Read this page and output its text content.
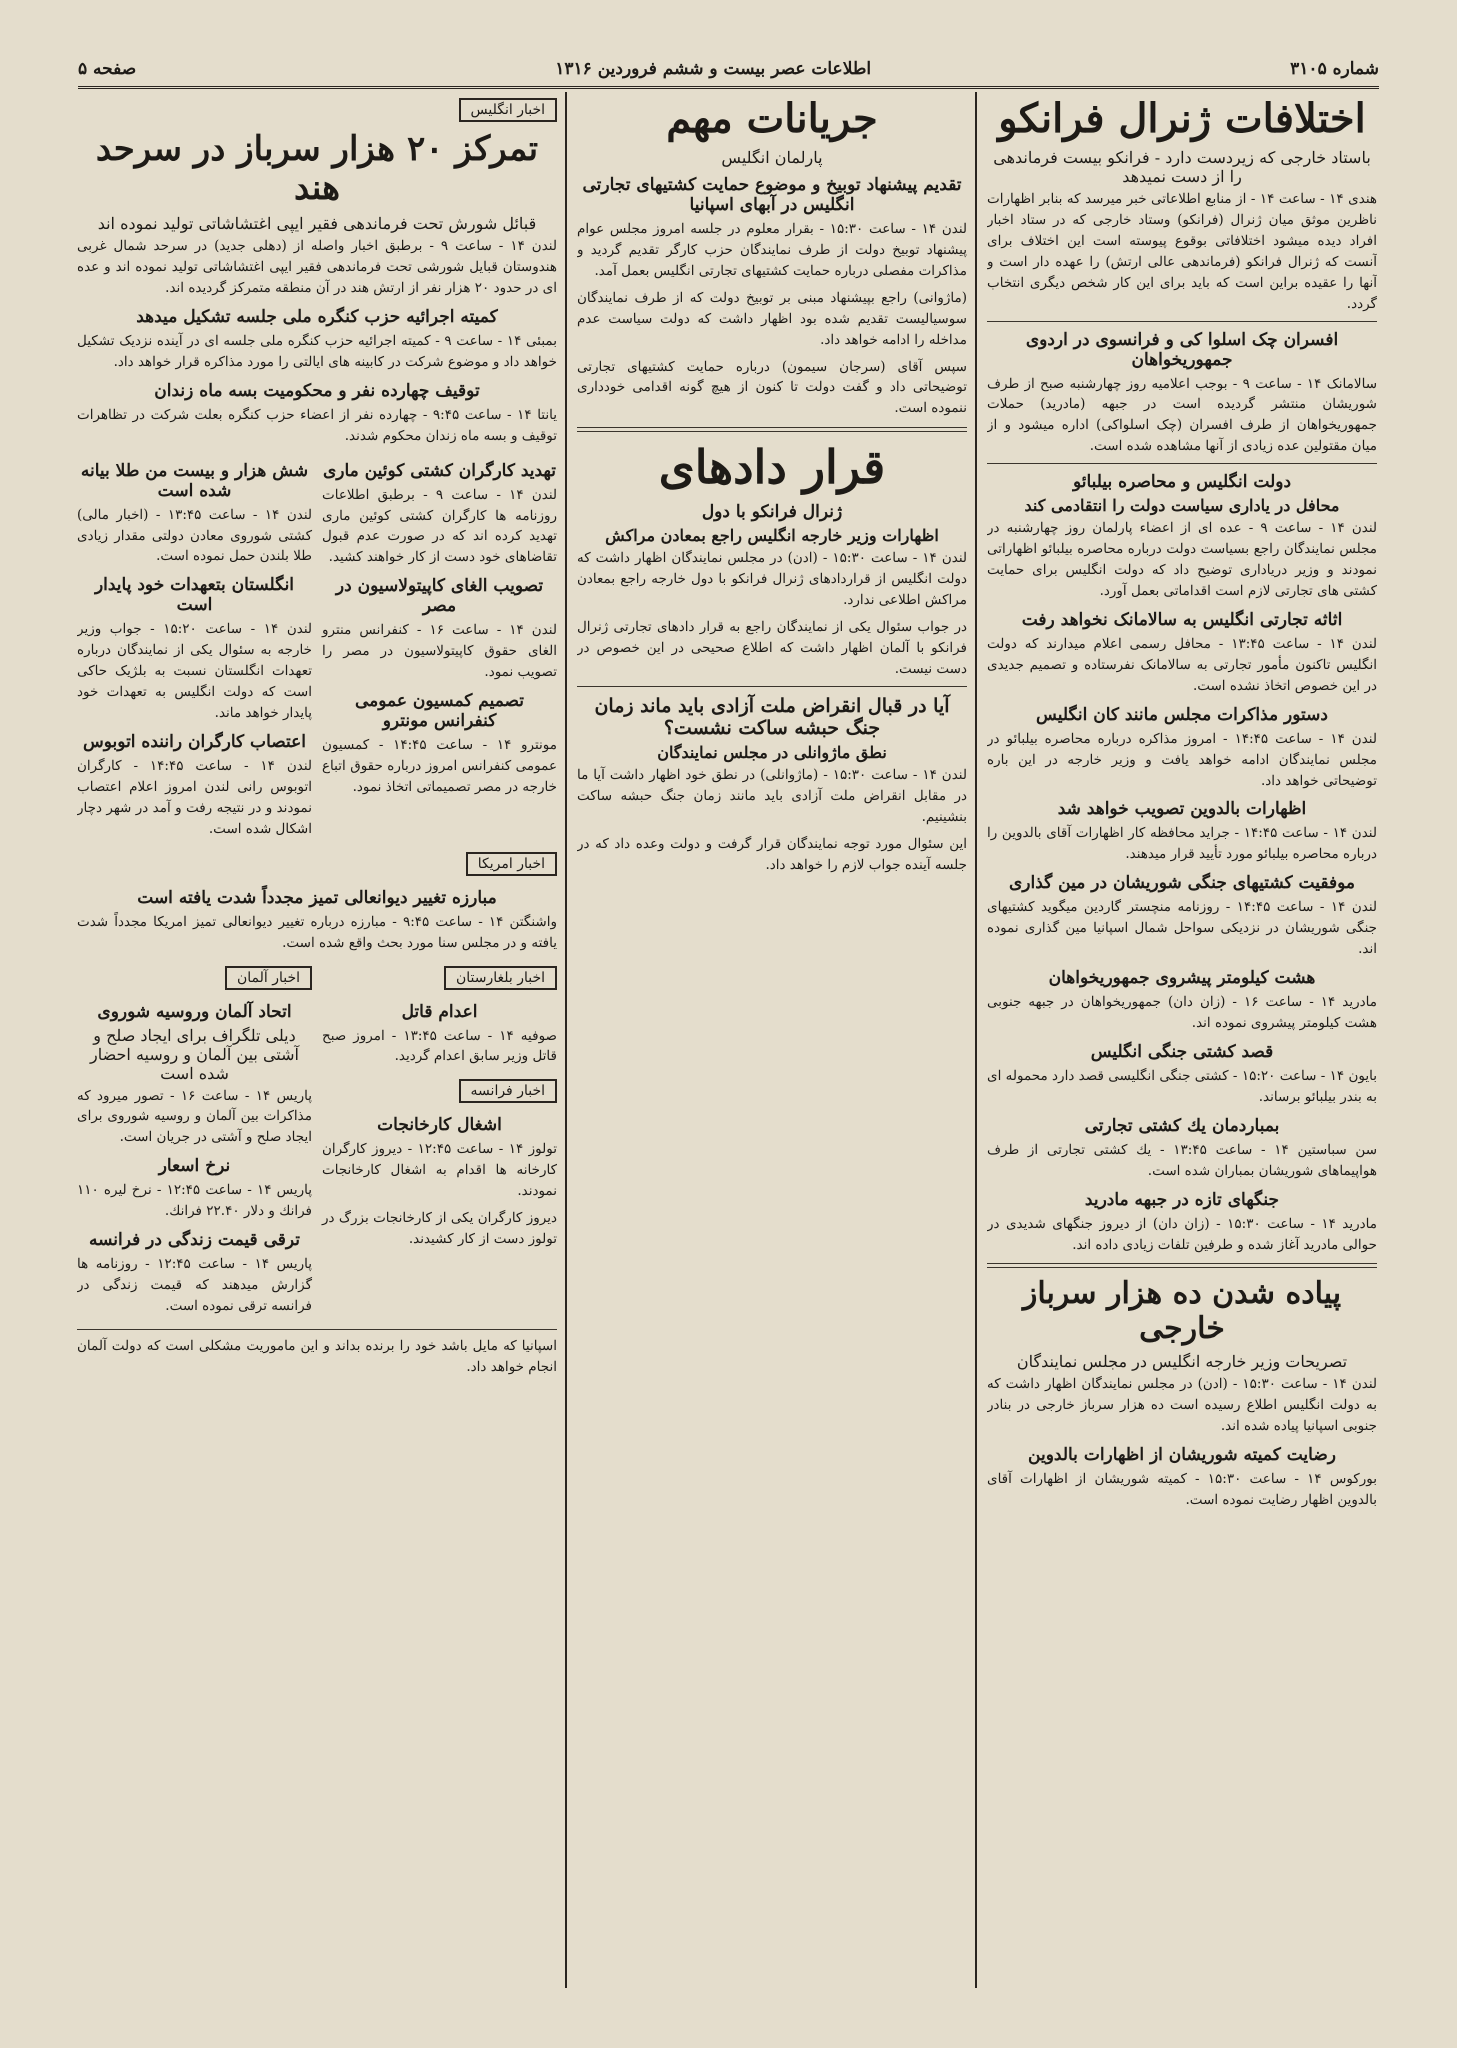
شماره ۳۱۰۵
اطلاعات عصر بیست و ششم فروردین ۱۳۱۶
صفحه ۵
اختلافات ژنرال فرانکو
باستاد خارجی که زیردست دارد - فرانکو بیست فرماندهی را از دست نمیدهد

هندی ۱۴ - ساعت ۱۴ - از منابع اطلاعاتی خبر میرسد که بنابر اظهارات ناظرین موثق میان ژنرال (فرانکو) وستاد خارجی که در ستاد اخبار افراد دیده میشود اختلافاتی بوقوع پیوسته است این اختلاف برای آنست که ژنرال فرانکو (فرماندهی عالی ارتش) را عهده دار است و آنها را عقیده براین است که باید برای این کار شخص دیگری انتخاب گردد.

افسران چک اسلوا کی و فرانسوی در اردوی جمهوریخواهان

سالامانک ۱۴ - ساعت ۹ - بوجب اعلامیه روز چهارشنبه صبح از طرف شوریشان منتشر گردیده است در جبهه (مادرید) حملات جمهوریخواهان از طرف افسران (چک اسلواکی) اداره میشود و از میان مقتولین عده زیادی از آنها مشاهده شده است.

دولت انگلیس و محاصره بیلبائو
محافل در یاداری سیاست دولت را انتقادمی کند

لندن ۱۴ - ساعت ۹ - عده ای از اعضاء پارلمان روز چهارشنبه در مجلس نمایندگان راجع بسیاست دولت درباره محاصره بیلبائو اظهاراتی نمودند و وزیر دریاداری توضیح داد که دولت انگلیس برای حمایت کشتی های تجارتی لازم است اقداماتی بعمل آورد.

اثاثه تجارتی انگلیس به سالامانک نخواهد رفت

لندن ۱۴ - ساعت ۱۳:۴۵ - محافل رسمی اعلام میدارند که دولت انگلیس تاکنون مأمور تجارتی به سالامانک نفرستاده و تصمیم جدیدی در این خصوص اتخاذ نشده است.

دستور مذاکرات مجلس مانند کان انگلیس

لندن ۱۴ - ساعت ۱۴:۴۵ - امروز مذاکره درباره محاصره بیلبائو در مجلس نمایندگان ادامه خواهد یافت و وزیر خارجه در این باره توضیحاتی خواهد داد.

اظهارات بالدوین تصویب خواهد شد

لندن ۱۴ - ساعت ۱۴:۴۵ - جراید محافظه کار اظهارات آقای بالدوین را درباره محاصره بیلبائو مورد تأیید قرار میدهند.

موفقیت کشتیهای جنگی شوریشان در مین گذاری

لندن ۱۴ - ساعت ۱۴:۴۵ - روزنامه منچستر گاردین میگوید کشتیهای جنگی شوریشان در نزدیکی سواحل شمال اسپانیا مین گذاری نموده اند.

هشت کیلومتر پیشروی جمهوریخواهان

مادرید ۱۴ - ساعت ۱۶ - (زان دان) جمهوریخواهان در جبهه جنوبی هشت کیلومتر پیشروی نموده اند.

قصد کشتی جنگی انگلیس

بایون ۱۴ - ساعت ۱۵:۲۰ - کشتی جنگی انگلیسی قصد دارد محموله ای به بندر بیلبائو برساند.

بمباردمان یك کشتی تجارتی

سن سباستین ۱۴ - ساعت ۱۳:۴۵ - یك کشتی تجارتی از طرف هواپیماهای شوریشان بمباران شده است.

جنگهای تازه در جبهه مادرید

مادرید ۱۴ - ساعت ۱۵:۳۰ - (زان دان) از دیروز جنگهای شدیدی در حوالی مادرید آغاز شده و طرفین تلفات زیادی داده اند.

پیاده شدن ده هزار سرباز خارجی
تصریحات وزیر خارجه انگلیس در مجلس نمایندگان

لندن ۱۴ - ساعت ۱۵:۳۰ - (ادن) در مجلس نمایندگان اظهار داشت که به دولت انگلیس اطلاع رسیده است ده هزار سرباز خارجی در بنادر جنوبی اسپانیا پیاده شده اند.

رضایت کمیته شوریشان از اظهارات بالدوین

بورکوس ۱۴ - ساعت ۱۵:۳۰ - کمیته شوریشان از اظهارات آقای بالدوین اظهار رضایت نموده است.

جریانات مهم
پارلمان انگلیس
تقدیم پیشنهاد توبیخ و موضوع حمایت کشتیهای تجارتی انگلیس در آبهای اسپانیا

لندن ۱۴ - ساعت ۱۵:۳۰ - بقرار معلوم در جلسه امروز مجلس عوام پیشنهاد توبیخ دولت از طرف نمایندگان حزب کارگر تقدیم گردید و مذاکرات مفصلی درباره حمایت کشتیهای تجارتی انگلیس بعمل آمد.

(ماژوانی) راجع بپیشنهاد مبنی بر توبیخ دولت که از طرف نمایندگان سوسیالیست تقدیم شده بود اظهار داشت که دولت سیاست عدم مداخله را ادامه خواهد داد.

سپس آقای (سرجان سیمون) درباره حمایت کشتیهای تجارتی توضیحاتی داد و گفت دولت تا کنون از هیچ گونه اقدامی خودداری ننموده است.

قرار دادهای
ژنرال فرانکو با دول
اظهارات وزیر خارجه انگلیس راجع بمعادن مراکش

لندن ۱۴ - ساعت ۱۵:۳۰ - (ادن) در مجلس نمایندگان اظهار داشت که دولت انگلیس از قراردادهای ژنرال فرانکو با دول خارجه راجع بمعادن مراکش اطلاعی ندارد.

در جواب سئوال یکی از نمایندگان راجع به قرار دادهای تجارتی ژنرال فرانکو با آلمان اظهار داشت که اطلاع صحیحی در این خصوص در دست نیست.

آیا در قبال انقراض ملت آزادی باید ماند زمان جنگ حبشه ساکت نشست؟
نطق ماژوانلی در مجلس نمایندگان

لندن ۱۴ - ساعت ۱۵:۳۰ - (ماژوانلی) در نطق خود اظهار داشت آیا ما در مقابل انقراض ملت آزادی باید مانند زمان جنگ حبشه ساکت بنشینیم.

این سئوال مورد توجه نمایندگان قرار گرفت و دولت وعده داد که در جلسه آینده جواب لازم را خواهد داد.

اخبار انگلیس
تمرکز ۲۰ هزار سرباز در سرحد هند
قبائل شورش تحت فرماندهی فقیر ایپی اغتشاشاتی تولید نموده اند

لندن ۱۴ - ساعت ۹ - برطبق اخبار واصله از (دهلی جدید) در سرحد شمال غربی هندوستان قبایل شورشی تحت فرماندهی فقیر ایپی اغتشاشاتی تولید نموده اند و عده ای در حدود ۲۰ هزار نفر از ارتش هند در آن منطقه متمرکز گردیده اند.

کمیته اجرائیه حزب کنگره ملی جلسه تشکیل میدهد

بمبئی ۱۴ - ساعت ۹ - کمیته اجرائیه حزب کنگره ملی جلسه ای در آینده نزدیک تشکیل خواهد داد و موضوع شرکت در کابینه های ایالتی را مورد مذاکره قرار خواهد داد.

توقیف چهارده نفر و محکومیت بسه ماه زندان

یانتا ۱۴ - ساعت ۹:۴۵ - چهارده نفر از اعضاء حزب کنگره بعلت شرکت در تظاهرات توقیف و بسه ماه زندان محکوم شدند.

تهدید کارگران کشتی کوئین ماری

لندن ۱۴ - ساعت ۹ - برطبق اطلاعات روزنامه ها کارگران کشتی کوئین ماری تهدید کرده اند که در صورت عدم قبول تقاضاهای خود دست از کار خواهند کشید.

تصویب الغای کاپیتولاسیون در مصر

لندن ۱۴ - ساعت ۱۶ - کنفرانس منترو الغای حقوق کاپیتولاسیون در مصر را تصویب نمود.

تصمیم کمسیون عمومی کنفرانس مونترو

مونترو ۱۴ - ساعت ۱۴:۴۵ - کمسیون عمومی کنفرانس امروز درباره حقوق اتباع خارجه در مصر تصمیماتی اتخاذ نمود.

شش هزار و بیست من طلا بیانه شده است

لندن ۱۴ - ساعت ۱۳:۴۵ - (اخبار مالی) کشتی شوروی معادن دولتی مقدار زیادی طلا بلندن حمل نموده است.

انگلستان بتعهدات خود پایدار است

لندن ۱۴ - ساعت ۱۵:۲۰ - جواب وزیر خارجه به سئوال یکی از نمایندگان درباره تعهدات انگلستان نسبت به بلژیک حاکی است که دولت انگلیس به تعهدات خود پایدار خواهد ماند.

اعتصاب کارگران راننده اتوبوس

لندن ۱۴ - ساعت ۱۴:۴۵ - کارگران اتوبوس رانی لندن امروز اعلام اعتصاب نمودند و در نتیجه رفت و آمد در شهر دچار اشکال شده است.

اخبار امریکا
مبارزه تغییر دیوانعالی تمیز مجدداً شدت یافته است

واشنگتن ۱۴ - ساعت ۹:۴۵ - مبارزه درباره تغییر دیوانعالی تمیز امریکا مجدداً شدت یافته و در مجلس سنا مورد بحث واقع شده است.

اخبار بلغارستان
اعدام قاتل

صوفیه ۱۴ - ساعت ۱۳:۴۵ - امروز صبح قاتل وزیر سابق اعدام گردید.

اخبار فرانسه
اشغال کارخانجات

تولوز ۱۴ - ساعت ۱۲:۴۵ - دیروز کارگران کارخانه ها اقدام به اشغال کارخانجات نمودند.

دیروز کارگران یکی از کارخانجات بزرگ در تولوز دست از کار کشیدند.

اخبار آلمان
اتحاد آلمان وروسیه شوروی
دیلی تلگراف برای ایجاد صلح و آشتی بین آلمان و روسیه احضار شده است

پاریس ۱۴ - ساعت ۱۶ - تصور میرود که مذاکرات بین آلمان و روسیه شوروی برای ایجاد صلح و آشتی در جریان است.

نرخ اسعار

پاریس ۱۴ - ساعت ۱۲:۴۵ - نرخ لیره ۱۱۰ فرانك و دلار ۲۲.۴۰ فرانك.

ترقی قیمت زندگی در فرانسه

پاریس ۱۴ - ساعت ۱۲:۴۵ - روزنامه ها گزارش میدهند که قیمت زندگی در فرانسه ترقی نموده است.

اسپانیا که مایل باشد خود را برنده بداند و این ماموریت مشکلی است که دولت آلمان انجام خواهد داد.
